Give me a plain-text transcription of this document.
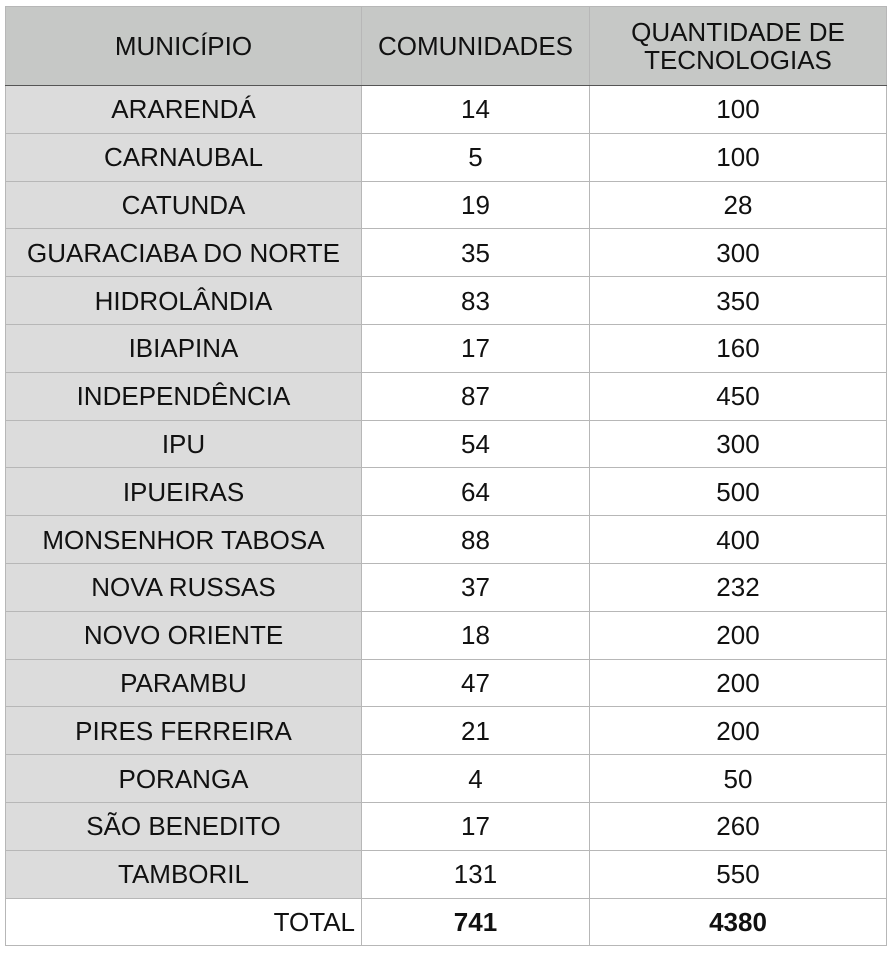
MUNICÍPIO	COMUNIDADES	QUANTIDADE DE TECNOLOGIAS
ARARENDÁ	14	100
CARNAUBAL	5	100
CATUNDA	19	28
GUARACIABA DO NORTE	35	300
HIDROLÂNDIA	83	350
IBIAPINA	17	160
INDEPENDÊNCIA	87	450
IPU	54	300
IPUEIRAS	64	500
MONSENHOR TABOSA	88	400
NOVA RUSSAS	37	232
NOVO ORIENTE	18	200
PARAMBU	47	200
PIRES FERREIRA	21	200
PORANGA	4	50
SÃO BENEDITO	17	260
TAMBORIL	131	550
TOTAL	741	4380
